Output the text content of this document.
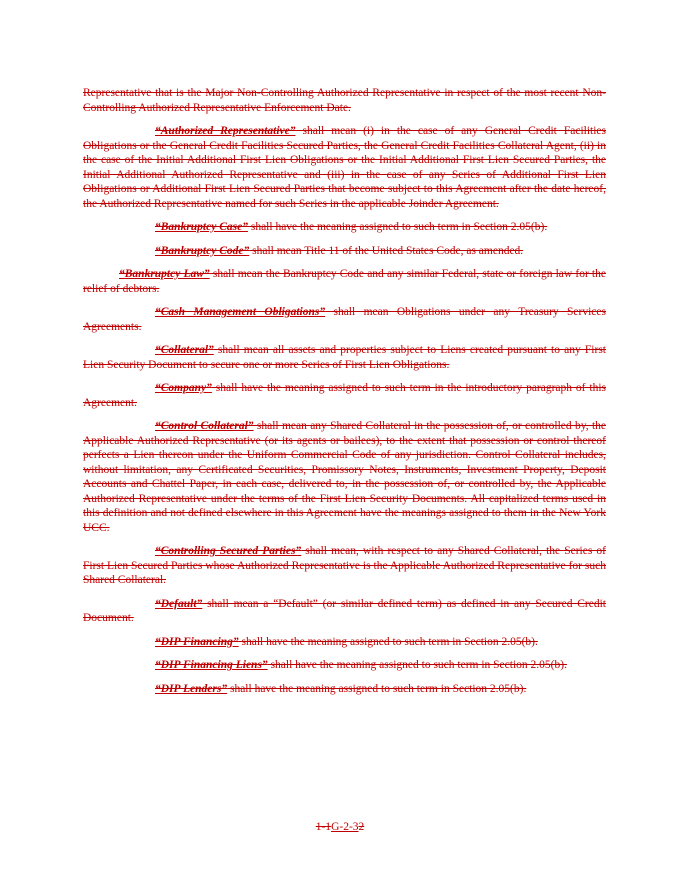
Representative that is the Major Non-Controlling Authorized Representative in respect of the most recent Non-Controlling Authorized Representative Enforcement Date.

“Authorized Representative” shall mean (i) in the case of any General Credit Facilities Obligations or the General Credit Facilities Secured Parties, the General Credit Facilities Collateral Agent, (ii) in the case of the Initial Additional First Lien Obligations or the Initial Additional First Lien Secured Parties, the Initial Additional Authorized Representative and (iii) in the case of any Series of Additional First Lien Obligations or Additional First Lien Secured Parties that become subject to this Agreement after the date hereof, the Authorized Representative named for such Series in the applicable Joinder Agreement.

“Bankruptcy Case” shall have the meaning assigned to such term in Section 2.05(b).

“Bankruptcy Code” shall mean Title 11 of the United States Code, as amended.

“Bankruptcy Law” shall mean the Bankruptcy Code and any similar Federal, state or foreign law for the relief of debtors.

“Cash Management Obligations” shall mean Obligations under any Treasury Services Agreements.

“Collateral” shall mean all assets and properties subject to Liens created pursuant to any First Lien Security Document to secure one or more Series of First Lien Obligations.

“Company” shall have the meaning assigned to such term in the introductory paragraph of this Agreement.

“Control Collateral” shall mean any Shared Collateral in the possession of, or controlled by, the Applicable Authorized Representative (or its agents or bailees), to the extent that possession or control thereof perfects a Lien thereon under the Uniform Commercial Code of any jurisdiction. Control Collateral includes, without limitation, any Certificated Securities, Promissory Notes, Instruments, Investment Property, Deposit Accounts and Chattel Paper, in each case, delivered to, in the possession of, or controlled by, the Applicable Authorized Representative under the terms of the First Lien Security Documents. All capitalized terms used in this definition and not defined elsewhere in this Agreement have the meanings assigned to them in the New York UCC.

“Controlling Secured Parties” shall mean, with respect to any Shared Collateral, the Series of First Lien Secured Parties whose Authorized Representative is the Applicable Authorized Representative for such Shared Collateral.

“Default” shall mean a “Default” (or similar defined term) as defined in any Secured Credit Document.

“DIP Financing” shall have the meaning assigned to such term in Section 2.05(b).

“DIP Financing Liens” shall have the meaning assigned to such term in Section 2.05(b).

“DIP Lenders” shall have the meaning assigned to such term in Section 2.05(b).

1-1G-2-32
